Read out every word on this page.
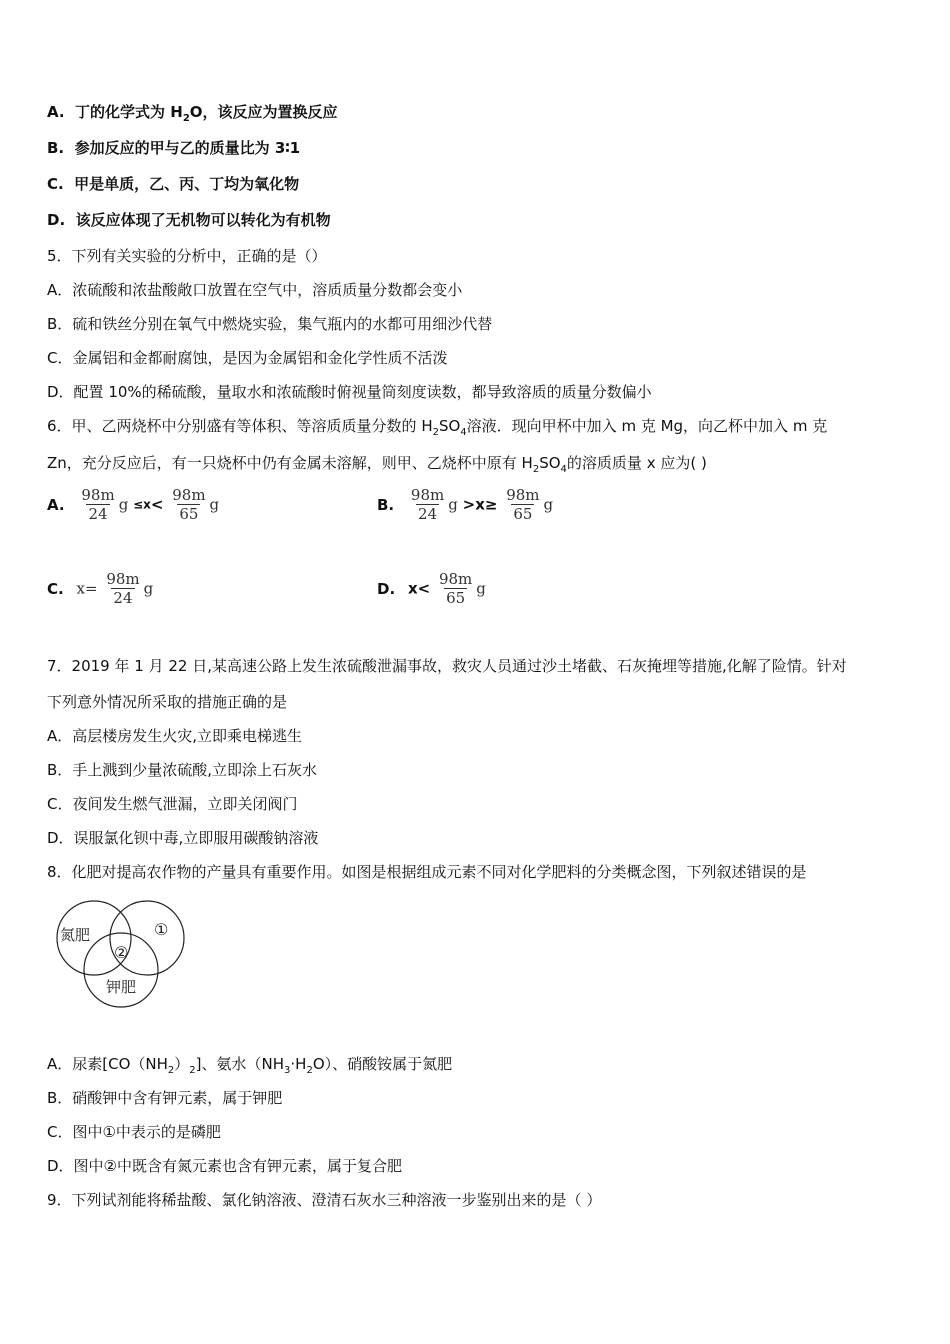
A. 丁的化学式为 $H_2O$，该反应为置换反应
B. 参加反应的甲与乙的质量比为 3∶1
C. 甲是单质，乙、丙、丁均为氧化物
D. 该反应体现了无机物可以转化为有机物
5．下列有关实验的分析中，正确的是（）
A．浓硫酸和浓盐酸敞口放置在空气中，溶质质量分数都会变小
B．硫和铁丝分别在氧气中燃烧实验，集气瓶内的水都可用细沙代替
C．金属铝和金都耐腐蚀，是因为金属铝和金化学性质不活泼
D．配置 10%的稀硫酸，量取水和浓硫酸时俯视量筒刻度读数，都导致溶质的质量分数偏小
6．甲、乙两烧杯中分别盛有等体积、等溶质质量分数的 $H_2SO_4$溶液．现向甲杯中加入 m 克 Mg，向乙杯中加入 m 克
Zn，充分反应后，有一只烧杯中仍有金属未溶解，则甲、乙烧杯中原有 $H_2SO_4$的溶质质量 x 应为( )
A. $\frac{98m}{24}$ $g \le x< \frac{98m}{65}$ g	B. $\frac{98m}{24}$ $g >x\ge \frac{98m}{65}$ g
C. $x= \frac{98m}{24}$ g	D. $x< \frac{98m}{65}$ g
7．2019 年 1 月 22 日,某高速公路上发生浓硫酸泄漏事故，救灾人员通过沙土堵截、石灰掩埋等措施,化解了险情。针对
下列意外情况所采取的措施正确的是
A．高层楼房发生火灾,立即乘电梯逃生
B．手上溅到少量浓硫酸,立即涂上石灰水
C．夜间发生燃气泄漏，立即关闭阀门
D．误服氯化钡中毒,立即服用碳酸钠溶液
8．化肥对提高农作物的产量具有重要作用。如图是根据组成元素不同对化学肥料的分类概念图，下列叙述错误的是
氮肥	①
②
钾肥
A．尿素$[CO(NH_2)_2]$、氨水$(NH_3\cdot H_2O)$、硝酸铵属于氮肥
B．硝酸钾中含有钾元素，属于钾肥
C．图中①中表示的是磷肥
D．图中②中既含有氮元素也含有钾元素，属于复合肥
9．下列试剂能将稀盐酸、氯化钠溶液、澄清石灰水三种溶液一步鉴别出来的是（ ）
